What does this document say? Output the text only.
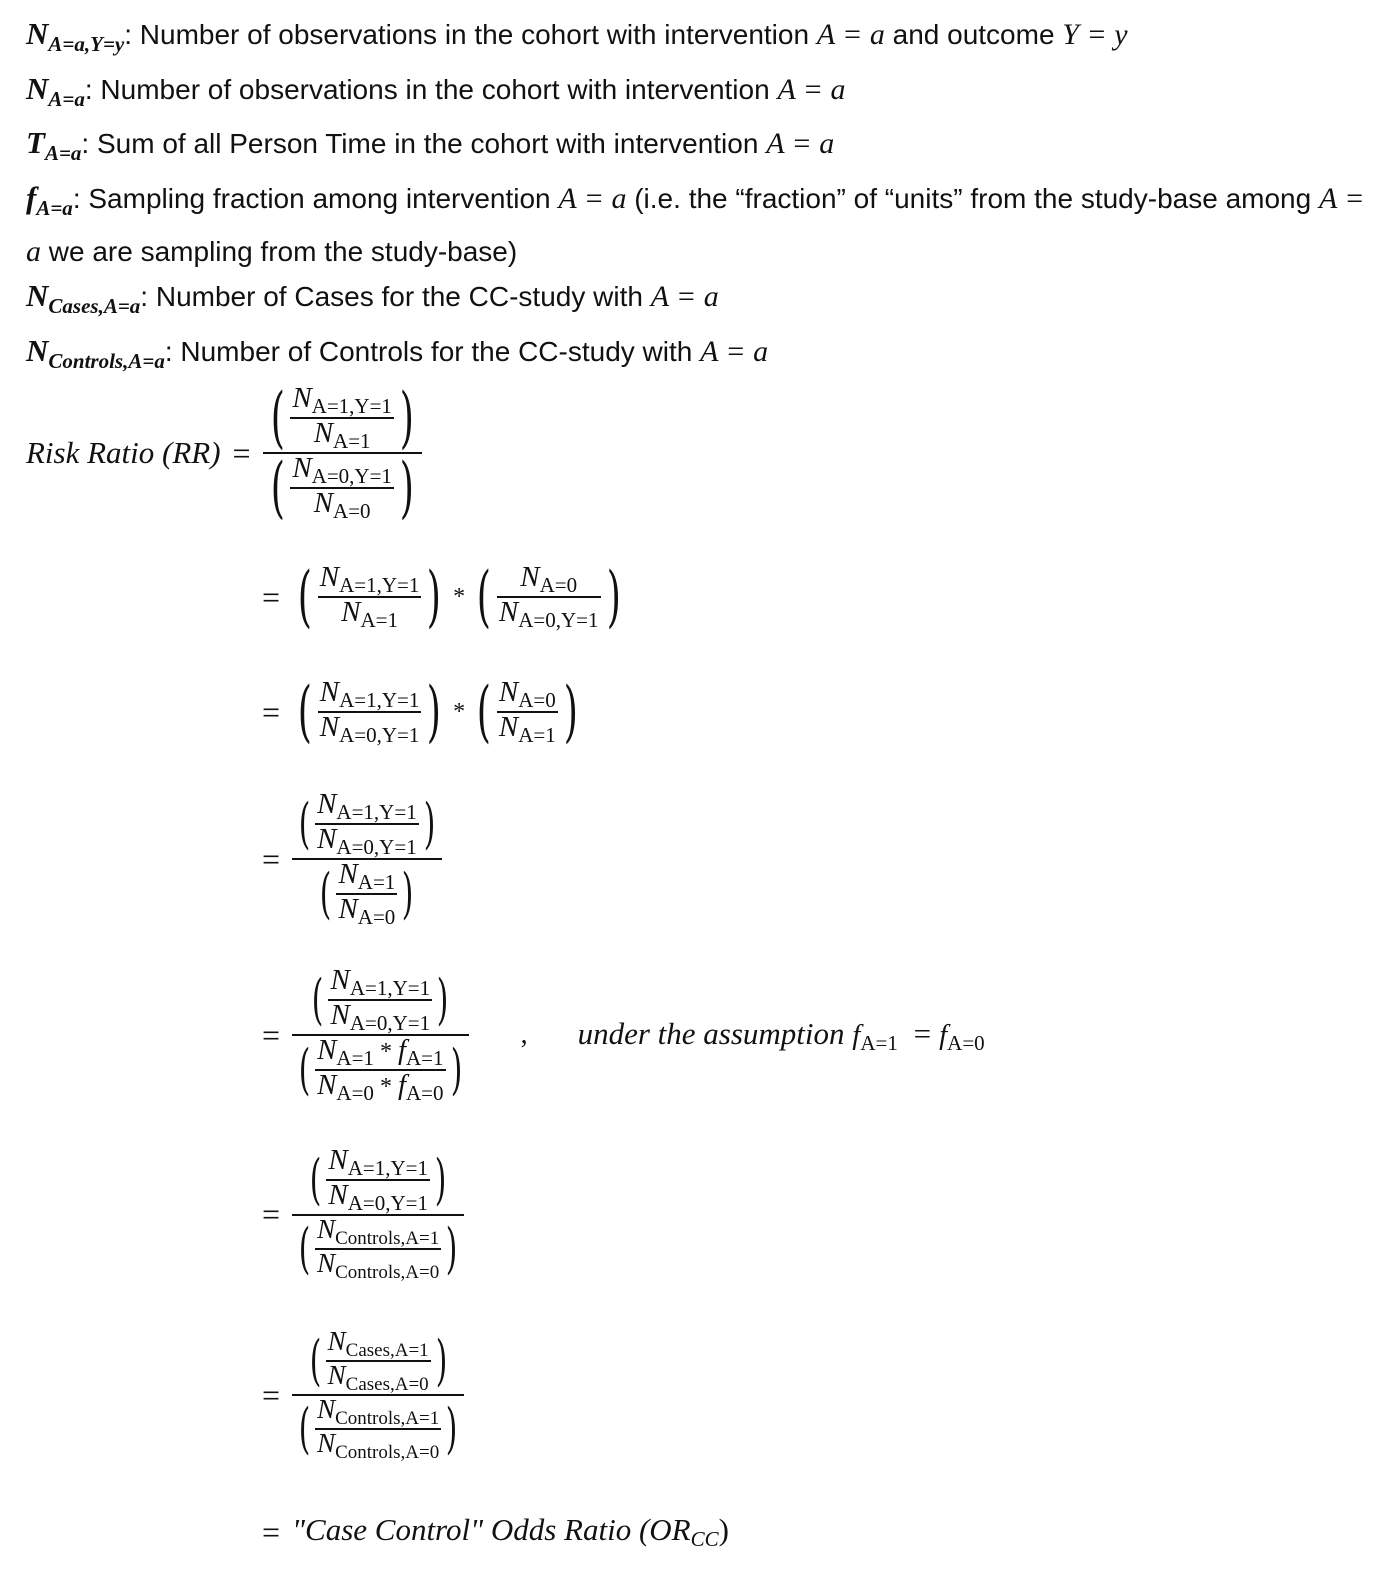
$N_{A=a,Y=y}$: Number of observations in the cohort with intervention A = a and outcome Y = y

$N_{A=a}$: Number of observations in the cohort with intervention A = a

$T_{A=a}$: Sum of all Person Time in the cohort with intervention A = a

$f_{A=a}$: Sampling fraction among intervention A = a (i.e. the “fraction” of “units” from the study-base among A = a we are sampling from the study-base)

$N_{Cases,A=a}$: Number of Cases for the CC-study with A = a

$N_{Controls,A=a}$: Number of Controls for the CC-study with A = a

Risk Ratio $(RR) = \frac{( \frac{N_{A=1,Y=1}}{N_{A=1}} )}{( \frac{N_{A=0,Y=1}}{N_{A=0}} )}$
= ( $\frac{N_{A=1,Y=1}}{N_{A=1}}$ ) * ( $\frac{N_{A=0}}{N_{A=0,Y=1}}$ )
= ( $\frac{N_{A=1,Y=1}}{N_{A=0,Y=1}}$ ) * ( $\frac{N_{A=0}}{N_{A=1}}$ )
= $\frac{( \frac{N_{A=1,Y=1}}{N_{A=0,Y=1}} )}{( \frac{N_{A=1}}{N_{A=0}} )}$
=
( $\frac{N_{A=1,Y=1}}{N_{A=0,Y=1}}$ )
( $\frac{N_{A=1} * f_{A=1}}{N_{A=0} * f_{A=0}}$ )
, under the assumption $f_{A=1} = f_{A=0}$
= $\frac{( \frac{N_{A=1,Y=1}}{N_{A=0,Y=1}} )}{( \frac{N_{Controls,A=1}}{N_{Controls,A=0}} )}$
= $\frac{( \frac{N_{Cases,A=1}}{N_{Cases,A=0}} )}{( \frac{N_{Controls,A=1}}{N_{Controls,A=0}} )}$
= "Case Control" Odds Ratio $(OR_{CC})$
